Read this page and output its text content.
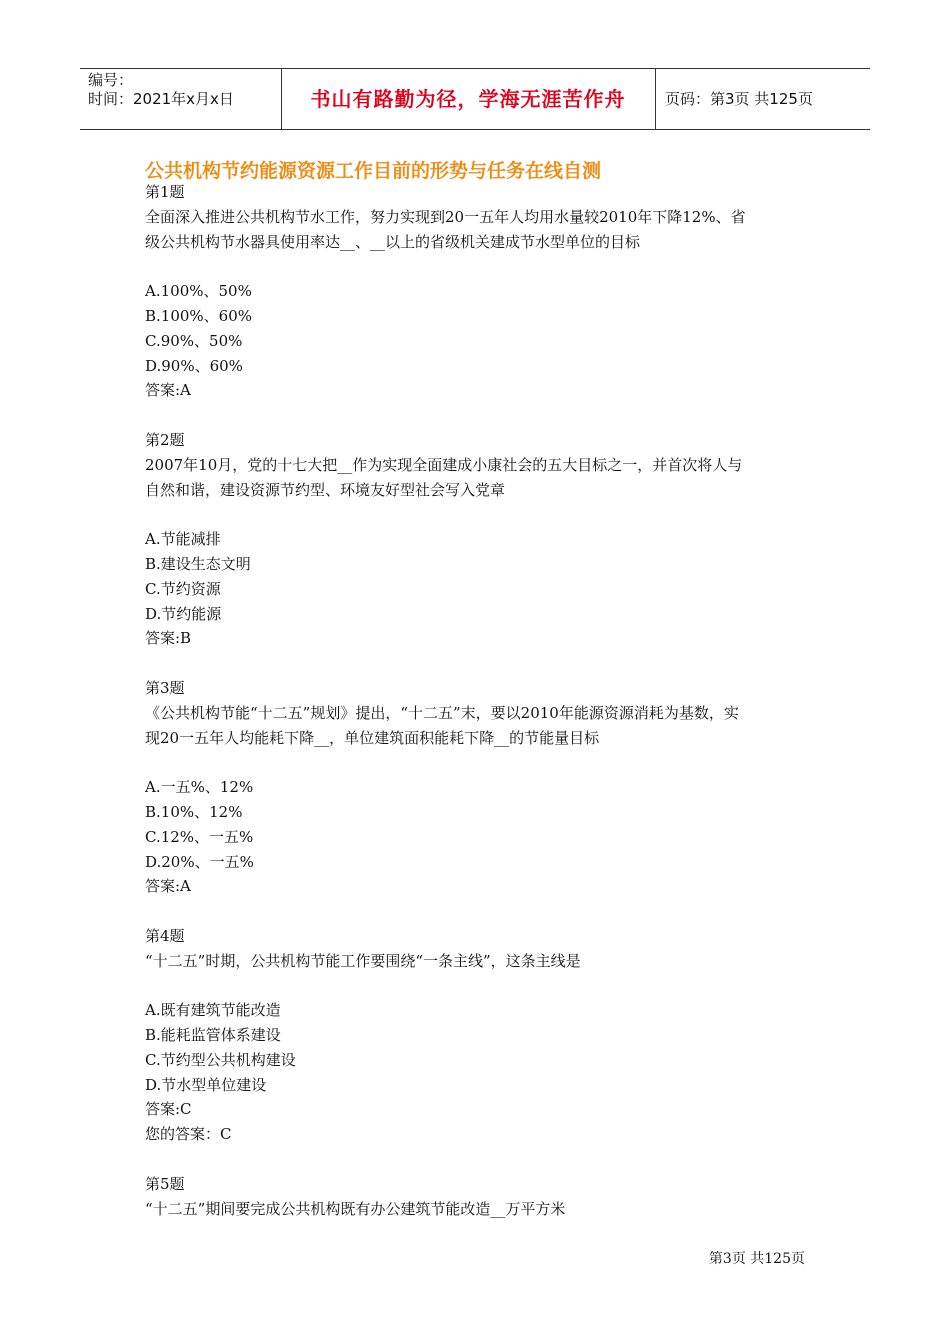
编号：
时间：2021年x月x日	书山有路勤为径，学海无涯苦作舟	页码：第3页 共125页
公共机构节约能源资源工作目前的形势与任务在线自测
第1题
全面深入推进公共机构节水工作，努力实现到20一五年人均用水量较2010年下降12%、省
级公共机构节水器具使用率达__、__以上的省级机关建成节水型单位的目标
A.100%、50%
B.100%、60%
C.90%、50%
D.90%、60%
答案:A
第2题
2007年10月，党的十七大把__作为实现全面建成小康社会的五大目标之一，并首次将人与
自然和谐，建设资源节约型、环境友好型社会写入党章
A.节能减排
B.建设生态文明
C.节约资源
D.节约能源
答案:B
第3题
《公共机构节能“十二五”规划》提出，“十二五”末，要以2010年能源资源消耗为基数，实
现20一五年人均能耗下降__，单位建筑面积能耗下降__的节能量目标
A.一五%、12%
B.10%、12%
C.12%、一五%
D.20%、一五%
答案:A
第4题
“十二五”时期，公共机构节能工作要围绕“一条主线”，这条主线是
A.既有建筑节能改造
B.能耗监管体系建设
C.节约型公共机构建设
D.节水型单位建设
答案:C
您的答案：C
第5题
“十二五”期间要完成公共机构既有办公建筑节能改造__万平方米
第3页 共125页
